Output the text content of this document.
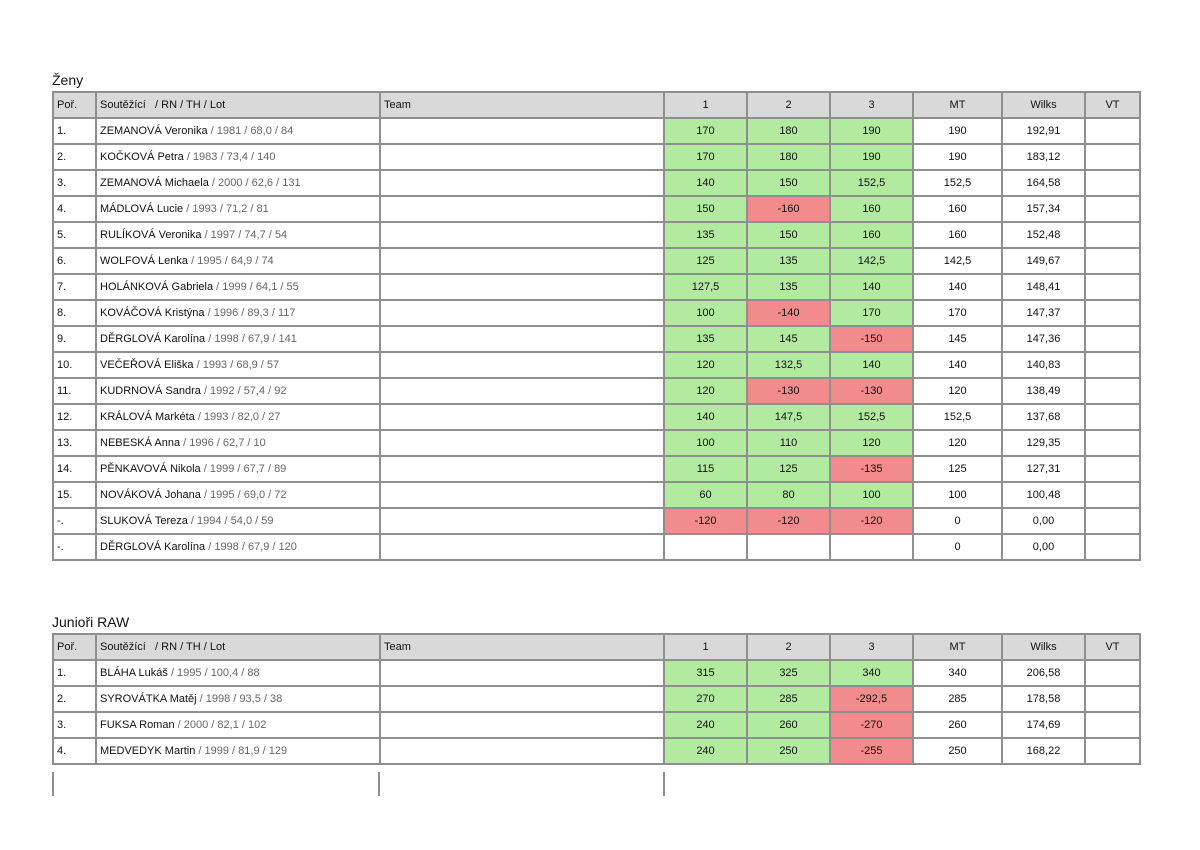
Ženy
Poř.	Soutěžící / RN / TH / Lot	Team	1	2	3	MT	Wilks	VT
1.	ZEMANOVÁ Veronika / 1981 / 68,0 / 84		170	180	190	190	192,91	
2.	KOČKOVÁ Petra / 1983 / 73,4 / 140		170	180	190	190	183,12	
3.	ZEMANOVÁ Michaela / 2000 / 62,6 / 131		140	150	152,5	152,5	164,58	
4.	MÁDLOVÁ Lucie / 1993 / 71,2 / 81		150	-160	160	160	157,34	
5.	RULÍKOVÁ Veronika / 1997 / 74,7 / 54		135	150	160	160	152,48	
6.	WOLFOVÁ Lenka / 1995 / 64,9 / 74		125	135	142,5	142,5	149,67	
7.	HOLÁNKOVÁ Gabriela / 1999 / 64,1 / 55		127,5	135	140	140	148,41	
8.	KOVÁČOVÁ Kristýna / 1996 / 89,3 / 117		100	-140	170	170	147,37	
9.	DĚRGLOVÁ Karolína / 1998 / 67,9 / 141		135	145	-150	145	147,36	
10.	VEČEŘOVÁ Eliška / 1993 / 68,9 / 57		120	132,5	140	140	140,83	
11.	KUDRNOVÁ Sandra / 1992 / 57,4 / 92		120	-130	-130	120	138,49	
12.	KRÁLOVÁ Markéta / 1993 / 82,0 / 27		140	147,5	152,5	152,5	137,68	
13.	NEBESKÁ Anna / 1996 / 62,7 / 10		100	110	120	120	129,35	
14.	PĚNKAVOVÁ Nikola / 1999 / 67,7 / 89		115	125	-135	125	127,31	
15.	NOVÁKOVÁ Johana / 1995 / 69,0 / 72		60	80	100	100	100,48	
-.	SLUKOVÁ Tereza / 1994 / 54,0 / 59		-120	-120	-120	0	0,00	
-.	DĚRGLOVÁ Karolína / 1998 / 67,9 / 120					0	0,00	
Junioři RAW
Poř.	Soutěžící / RN / TH / Lot	Team	1	2	3	MT	Wilks	VT
1.	BLÁHA Lukáš / 1995 / 100,4 / 88		315	325	340	340	206,58	
2.	SYROVÁTKA Matěj / 1998 / 93,5 / 38		270	285	-292,5	285	178,58	
3.	FUKSA Roman / 2000 / 82,1 / 102		240	260	-270	260	174,69	
4.	MEDVEDYK Martin / 1999 / 81,9 / 129		240	250	-255	250	168,22	
